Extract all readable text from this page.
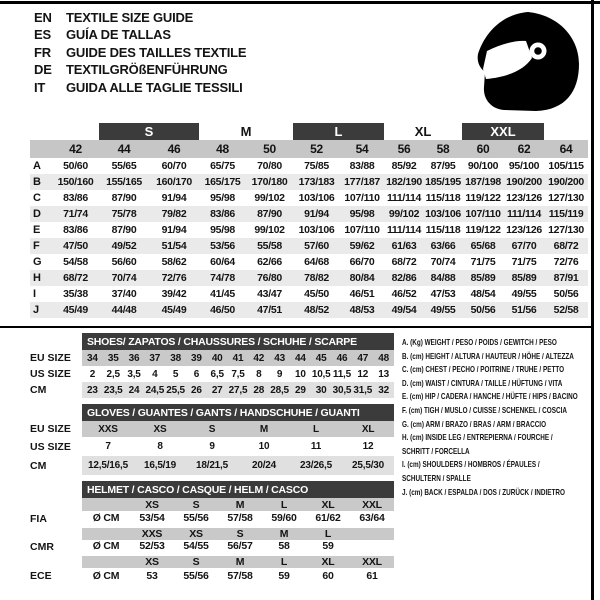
EN	TEXTILE SIZE GUIDE
ES	GUÍA DE TALLAS
FR	GUIDE DES TAILLES TEXTILE
DE	TEXTILGRÖßENFÜHRUNG
IT	GUIDA ALLE TAGLIE TESSILI
		S		M		L		XL		XXL		
	42	44	46	48	50	52	54	56	58	60	62	64
A	50/60	55/65	60/70	65/75	70/80	75/85	83/88	85/92	87/95	90/100	95/100	105/115
B	150/160	155/165	160/170	165/175	170/180	173/183	177/187	182/190	185/195	187/198	190/200	190/200
C	83/86	87/90	91/94	95/98	99/102	103/106	107/110	111/114	115/118	119/122	123/126	127/130
D	71/74	75/78	79/82	83/86	87/90	91/94	95/98	99/102	103/106	107/110	111/114	115/119
E	83/86	87/90	91/94	95/98	99/102	103/106	107/110	111/114	115/118	119/122	123/126	127/130
F	47/50	49/52	51/54	53/56	55/58	57/60	59/62	61/63	63/66	65/68	67/70	68/72
G	54/58	56/60	58/62	60/64	62/66	64/68	66/70	68/72	70/74	71/75	71/75	72/76
H	68/72	70/74	72/76	74/78	76/80	78/82	80/84	82/86	84/88	85/89	85/89	87/91
I	35/38	37/40	39/42	41/45	43/47	45/50	46/51	46/52	47/53	48/54	49/55	50/56
J	45/49	44/48	45/49	46/50	47/51	48/52	48/53	49/54	49/55	50/56	51/56	52/58
	SHOES/ ZAPATOS / CHAUSSURES / SCHUHE / SCARPE														
EU SIZE	34	35	36	37	38	39	40	41	42	43	44	45	46	47	48
US SIZE	2	2,5	3,5	4	5	6	6,5	7,5	8	9	10	10,5	11,5	12	13
CM	23	23,5	24	24,5	25,5	26	27	27,5	28	28,5	29	30	30,5	31,5	32
	GLOVES / GUANTES / GANTS / HANDSCHUHE / GUANTI					
EU SIZE	XXS	XS	S	M	L	XL
US SIZE	7	8	9	10	11	12
CM	12,5/16,5	16,5/19	18/21,5	20/24	23/26,5	25,5/30
	HELMET / CASCO / CASQUE / HELM / CASCO						
		XS	S	M	L	XL	XXL
FIA	Ø CM	53/54	55/56	57/58	59/60	61/62	63/64
		XXS	XS	S	M	L	
CMR	Ø CM	52/53	54/55	56/57	58	59	
		XS	S	M	L	XL	XXL
ECE	Ø CM	53	55/56	57/58	59	60	61
A. (Kg) WEIGHT / PESO / POIDS / GEWITCH / PESO
B. (cm) HEIGHT / ALTURA / HAUTEUR / HÖHE / ALTEZZA
C. (cm) CHEST / PECHO / POITRINE / TRUHE / PETTO
D. (cm) WAIST / CINTURA / TAILLE / HÜFTUNG / VITA
E. (cm) HIP / CADERA / HANCHE / HÜFTE / HIPS / BACINO
F. (cm) TIGH / MUSLO / CUISSE / SCHENKEL / COSCIA
G. (cm) ARM / BRAZO / BRAS / ARM / BRACCIO
H. (cm) INSIDE LEG / ENTREPIERNA / FOURCHE /
SCHRITT / FORCELLA
I. (cm) SHOULDERS / HOMBROS / ÉPAULES /
SCHULTERN / SPALLE
J. (cm) BACK / ESPALDA / DOS / ZURÜCK / INDIETRO
